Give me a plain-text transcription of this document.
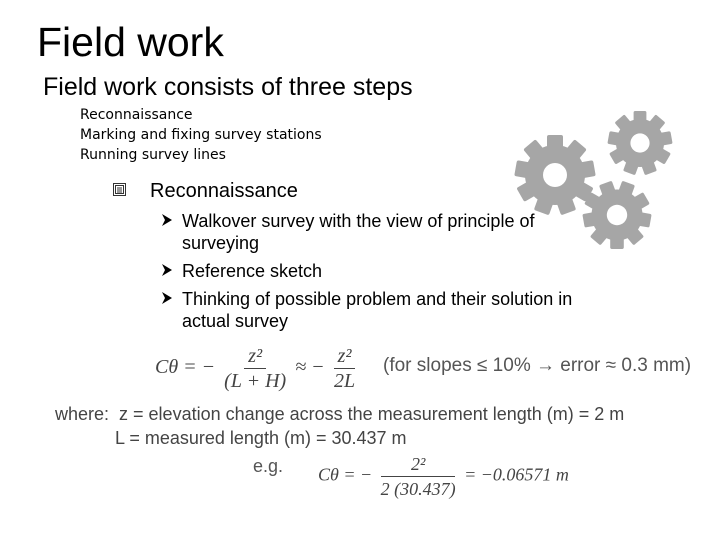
Field work
Field work consists of three steps
Reconnaissance
Marking and fixing survey stations
Running survey lines
Reconnaissance
Walkover survey with the view of principle of surveying
Reference sketch
Thinking of possible problem and their solution in actual survey
Cθ = − $\frac{\text{z²}}{(L + H)}$ ≈ − $\frac{\text{z²}}{2L} (for$ slopes ≤ 10% → error ≈ 0.3 mm)
where:  z = elevation change across the measurement length (m) = 2 m
L = measured length (m) = 30.437 m
e.g. Cθ = − $\frac{\text{2²}}{2 (30.437)} = -0.06571$ m
